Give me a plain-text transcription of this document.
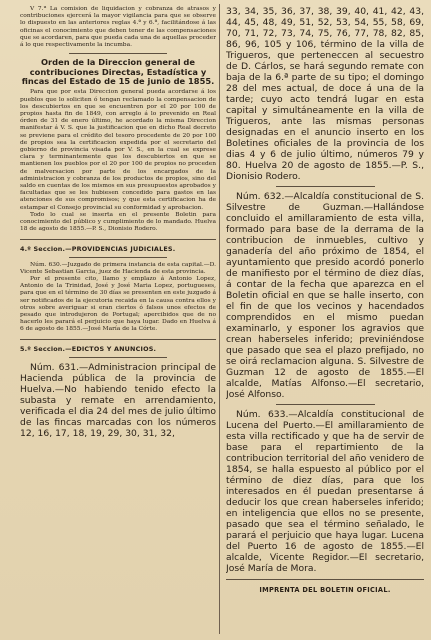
V 7.ª La comision de liquidacion y cobranza de atrasos y contribuciones ejercerá la mayor vigilancia para que se observe lo dispuesto en las anteriores reglas 4.ª y 6.ª, facilitándose á las oficinas el conocimiento que deben tener de las compensaciones que se acordaren, para que pueda cada una de aquellas proceder á lo que respectivamente la incumba.

Orden de la Direccion general de contribuciones Directas, Estadística y fincas del Estado de 15 de junio de 1855.

Para que por esta Direccion general pueda acordarse á los pueblos que lo soliciten ó tengan reclamado la compensacion de los descubiertos en que se encuentren por el 20 por 100 de propios hasta fin de 1849, con arreglo á lo prevenido en Real órden de 31 de enero último, he acordado la misma Direccion manifestar á V. S. que la justificacion que en dicho Real decreto se previene para el crédito del tesoro procedente de 20 por 100 de propios sea la certificacion expedida por el secretario del gobierno de provincia visada por V. S., en la cual se exprese clara y terminantemente que los descubiertos en que se mantienen los pueblos por el 20 por 100 de propios no proceden de malversacion por parte de los encargados de la administracion y cobranza de los productos de propios, sino del saldo en cuentas de los mismos en sus presupuestos aprobados y facultadas que se les hubiesen concedido para gastos en las atenciones de sus compromisos; y que esta certificacion ha de estampar el Consejo provincial su conformidad y aprobacion.

Todo lo cual se inserta en el presente Boletin para conocimiento del público y cumplimiento de lo mandado. Huelva 18 de agosto de 1855.—P. S., Dionisio Rodero.

4.º Seccion.—PROVIDENCIAS JUDICIALES.

Núm. 630.—Juzgado de primera instancia de esta capital.—D. Vicente Sebastian Garcia, juez de Hacienda de esta provincia.

Por el presente cito, llamo y emplazo á Antonio Lopez, Antonio de la Trinidad, José y José Maria Lopez, portugueses, para que en el término de 30 días se presenten en este juzgado á ser notificados de la ejecutoria recaida en la causa contra ellos y otros sobre averiguar si eran ciertos ó falsos unos efectos de pesado que introdujeron de Portugal; apercibidos que de no hacerlo les parará el perjuicio que haya lugar. Dado en Huelva á 6 de agosto de 1855.—José María de la Córte.

5.º Seccion.—EDICTOS Y ANUNCIOS.

Núm. 631.—Administracion principal de Hacienda pública de la provincia de Huelva.—No habiendo tenido efecto la subasta y remate en arrendamiento, verificada el dia 24 del mes de julio último de las fincas marcadas con los números 12, 16, 17, 18, 19, 29, 30, 31, 32,

33, 34, 35, 36, 37, 38, 39, 40, 41, 42, 43, 44, 45, 48, 49, 51, 52, 53, 54, 55, 58, 69, 70, 71, 72, 73, 74, 75, 76, 77, 78, 82, 85, 86, 96, 105 y 106, término de la villa de Trigueros, que perteneccen al secuestro de D. Cárlos, se hará segundo remate con baja de la 6.ª parte de su tipo; el domingo 28 del mes actual, de doce á una de la tarde; cuyo acto tendrá lugar en esta capital y simultáneamente en la villa de Trigueros, ante las mismas personas designadas en el anuncio inserto en los Boletines oficiales de la provincia de los dias 4 y 6 de julio último, números 79 y 80. Huelva 20 de agosto de 1855.—P. S., Dionisio Rodero.

Núm. 632.—Alcaldía constitucional de S. Silvestre de Guzman.—Hallándose concluido el amillaramiento de esta villa, formado para base de la derrama de la contribucion de inmuebles, cultivo y ganadería del año próximo de 1854, el ayuntamiento que presido acordó ponerlo de manifiesto por el término de diez días, á contar de la fecha que aparezca en el Boletin oficial en que se halle inserto, con el fin de que los vecinos y hacendados comprendidos en el mismo puedan examinarlo, y esponer los agravios que crean haberseles inferido; previniéndose que pasado que sea el plazo prefijado, no se oirá reclamacion alguna. S. Silvestre de Guzman 12 de agosto de 1855.—El alcalde, Matías Alfonso.—El secretario, José Alfonso.

Núm. 633.—Alcaldía constitucional de Lucena del Puerto.—El amillaramiento de esta villa rectificado y que ha de servir de base para el repartimiento de la contribucion territorial del año venidero de 1854, se halla espuesto al público por el término de diez días, para que los interesados en él puedan presentarse á deducir los que crean haberseles inferido; en inteligencia que ellos no se presente, pasado que sea el término señalado, le parará el perjuicio que haya lugar. Lucena del Puerto 16 de agosto de 1855.—El alcalde, Vicente Regidor.—El secretario, José María de Mora.

IMPRENTA DEL BOLETIN OFICIAL.
